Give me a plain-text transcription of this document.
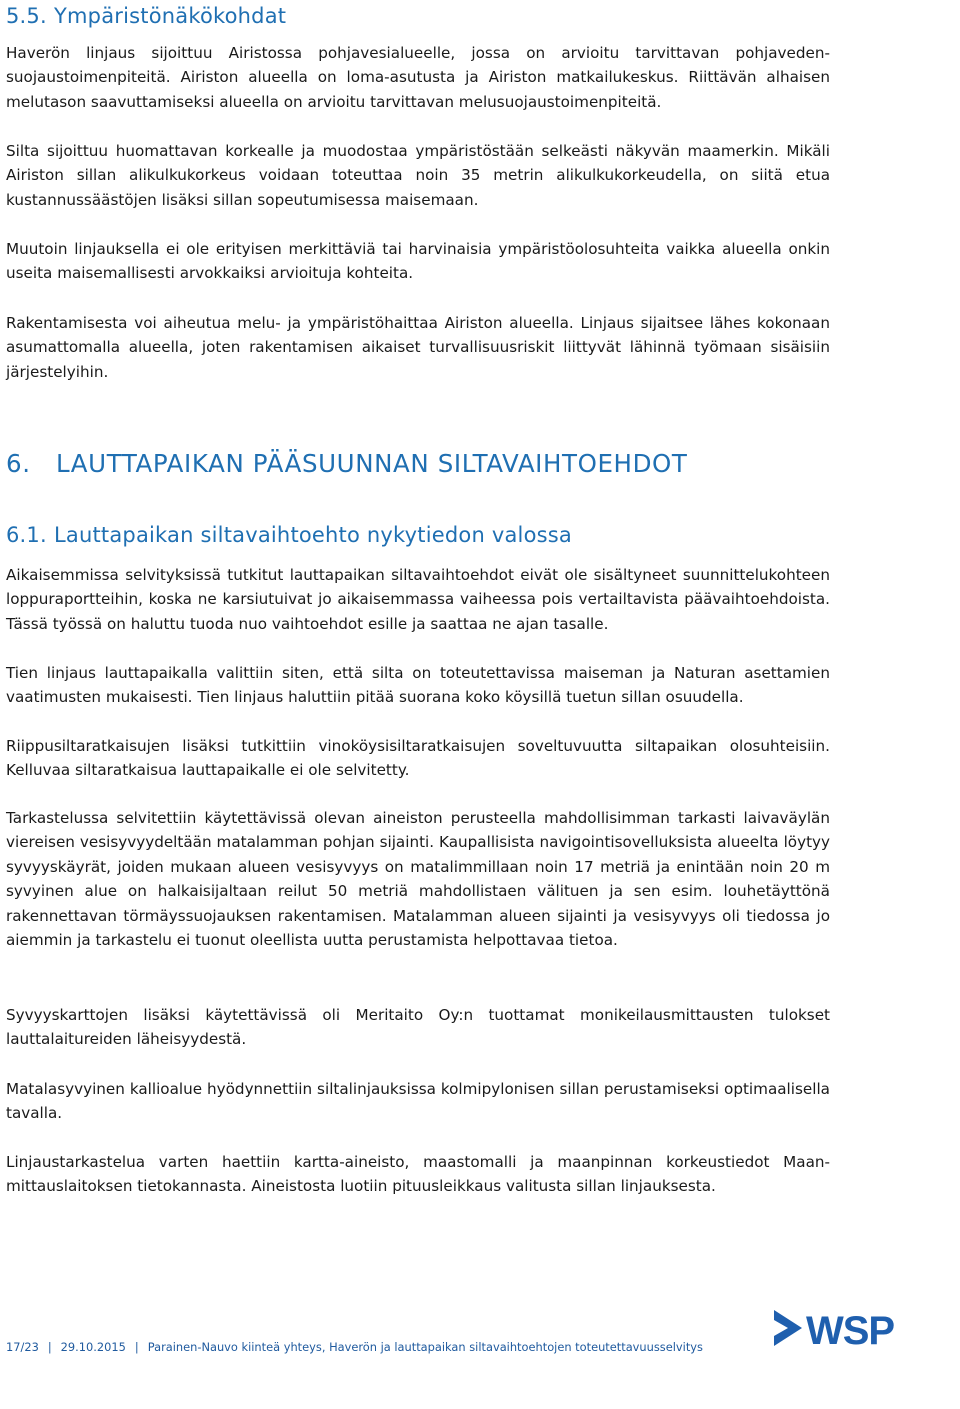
5.5. Ympäristönäkökohdat

Haverön linjaus sijoittuu Airistossa pohjavesialueelle, jossa on arvioitu tarvittavan pohjavedensuojaustoimenpiteitä. Airiston alueella on loma-asutusta ja Airiston matkailukeskus. Riittävän alhaisen melutason saavuttamiseksi alueella on arvioitu tarvittavan melusuojaustoimenpiteitä.

Silta sijoittuu huomattavan korkealle ja muodostaa ympäristöstään selkeästi näkyvän maamerkin. Mikäli Airiston sillan alikulkukorkeus voidaan toteuttaa noin 35 metrin alikulkukorkeudella, on siitä etua kustannussäästöjen lisäksi sillan sopeutumisessa maisemaan.

Muutoin linjauksella ei ole erityisen merkittäviä tai harvinaisia ympäristöolosuhteita vaikka alueella onkin useita maisemallisesti arvokkaiksi arvioituja kohteita.

Rakentamisesta voi aiheutua melu- ja ympäristöhaittaa Airiston alueella. Linjaus sijaitsee lähes kokonaan asumattomalla alueella, joten rakentamisen aikaiset turvallisuusriskit liittyvät lähinnä työmaan sisäisiin järjestelyihin.

6. LAUTTAPAIKAN PÄÄSUUNNAN SILTAVAIHTOEHDOT
6.1. Lauttapaikan siltavaihtoehto nykytiedon valossa

Aikaisemmissa selvityksissä tutkitut lauttapaikan siltavaihtoehdot eivät ole sisältyneet suunnittelukohteen loppuraportteihin, koska ne karsiutuivat jo aikaisemmassa vaiheessa pois vertailtavista päävaihtoehdoista. Tässä työssä on haluttu tuoda nuo vaihtoehdot esille ja saattaa ne ajan tasalle.

Tien linjaus lauttapaikalla valittiin siten, että silta on toteutettavissa maiseman ja Naturan asettamien vaatimusten mukaisesti. Tien linjaus haluttiin pitää suorana koko köysillä tuetun sillan osuudella.

Riippusiltaratkaisujen lisäksi tutkittiin vinoköysisiltaratkaisujen soveltuvuutta siltapaikan olosuhteisiin. Kelluvaa siltaratkaisua lauttapaikalle ei ole selvitetty.

Tarkastelussa selvitettiin käytettävissä olevan aineiston perusteella mahdollisimman tarkasti laivaväylän viereisen vesisyvyydeltään matalamman pohjan sijainti. Kaupallisista navigointisovelluksista alueelta löytyy syvyyskäyrät, joiden mukaan alueen vesisyvyys on matalimmillaan noin 17 metriä ja enintään noin 20 m syvyinen alue on halkaisijaltaan reilut 50 metriä mahdollistaen välituen ja sen esim. louhetäyttönä rakennettavan törmäyssuojauksen rakentamisen. Matalamman alueen sijainti ja vesisyvyys oli tiedossa jo aiemmin ja tarkastelu ei tuonut oleellista uutta perustamista helpottavaa tietoa.

Syvyyskarttojen lisäksi käytettävissä oli Meritaito Oy:n tuottamat monikeilausmittausten tulokset lauttalaitureiden läheisyydestä.

Matalasyvyinen kallioalue hyödynnettiin siltalinjauksissa kolmipylonisen sillan perustamiseksi optimaalisella tavalla.

Linjaustarkastelua varten haettiin kartta-aineisto, maastomalli ja maanpinnan korkeustiedot Maanmittauslaitoksen tietokannasta. Aineistosta luotiin pituusleikkaus valitusta sillan linjauksesta.

WSP
17/23 | 29.10.2015 | Parainen-Nauvo kiinteä yhteys, Haverön ja lauttapaikan siltavaihtoehtojen toteutettavuusselvitys
